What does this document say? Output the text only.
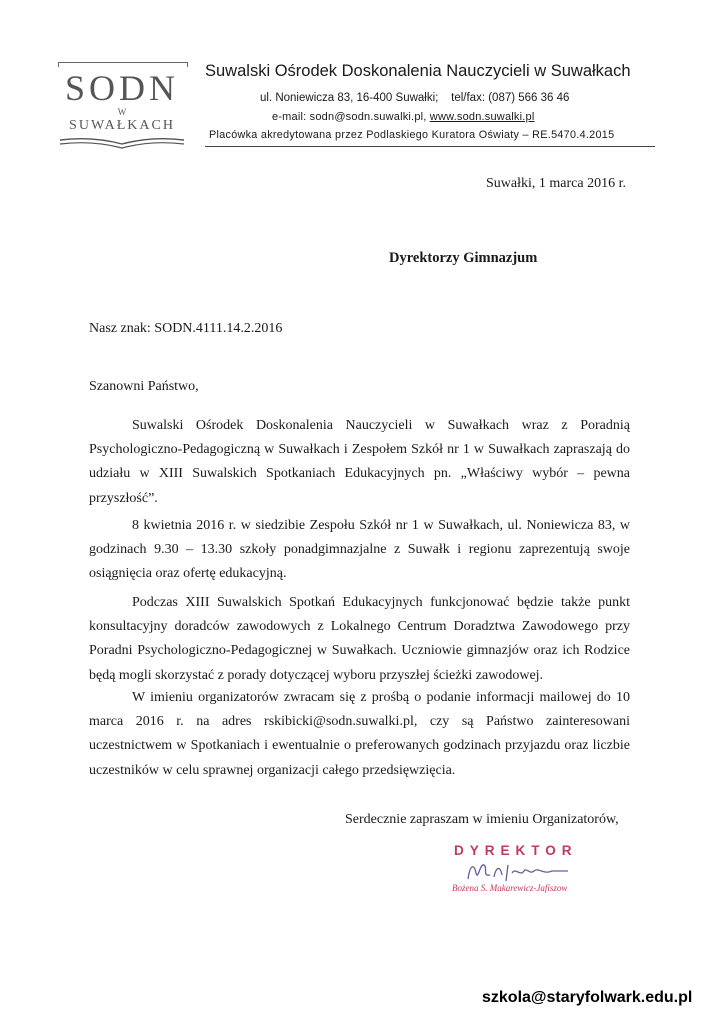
SODN
W
SUWAŁKACH
Suwalski Ośrodek Doskonalenia Nauczycieli w Suwałkach
ul. Noniewicza 83, 16-400 Suwałki; tel/fax: (087) 566 36 46
e-mail: sodn@sodn.suwalki.pl, www.sodn.suwalki.pl
Placówka akredytowana przez Podlaskiego Kuratora Oświaty – RE.5470.4.2015
Suwałki, 1 marca 2016 r.
Dyrektorzy Gimnazjum
Nasz znak: SODN.4111.14.2.2016
Szanowni Państwo,

Suwalski Ośrodek Doskonalenia Nauczycieli w Suwałkach wraz z Poradnią Psychologiczno-Pedagogiczną w Suwałkach i Zespołem Szkół nr 1 w Suwałkach zapraszają do udziału w XIII Suwalskich Spotkaniach Edukacyjnych pn. „Właściwy wybór – pewna przyszłość”.

8 kwietnia 2016 r. w siedzibie Zespołu Szkół nr 1 w Suwałkach, ul. Noniewicza 83, w godzinach 9.30 – 13.30 szkoły ponadgimnazjalne z Suwałk i regionu zaprezentują swoje osiągnięcia oraz ofertę edukacyjną.

Podczas XIII Suwalskich Spotkań Edukacyjnych funkcjonować będzie także punkt konsultacyjny doradców zawodowych z Lokalnego Centrum Doradztwa Zawodowego przy Poradni Psychologiczno-Pedagogicznej w Suwałkach. Uczniowie gimnazjów oraz ich Rodzice będą mogli skorzystać z porady dotyczącej wyboru przyszłej ścieżki zawodowej.

W imieniu organizatorów zwracam się z prośbą o podanie informacji mailowej do 10 marca 2016 r. na adres rskibicki@sodn.suwalki.pl, czy są Państwo zainteresowani uczestnictwem w Spotkaniach i ewentualnie o preferowanych godzinach przyjazdu oraz liczbie uczestników w celu sprawnej organizacji całego przedsięwzięcia.

Serdecznie zapraszam w imieniu Organizatorów,
DYREKTOR
Bożena S. Makarewicz-Jafiszow
szkola@staryfolwark.edu.pl
